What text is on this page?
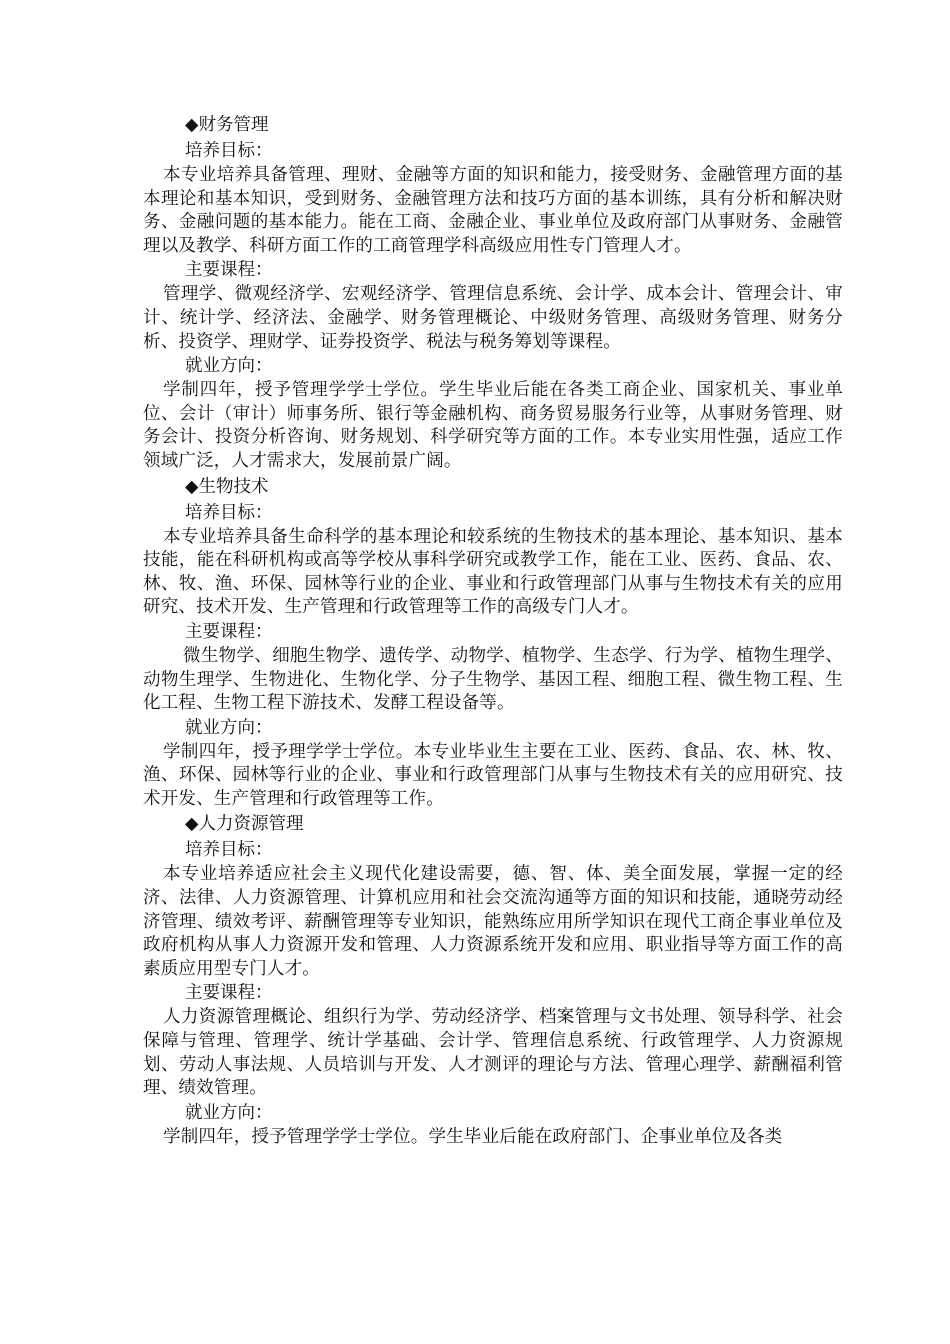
◆财务管理
培养目标：

本专业培养具备管理、理财、金融等方面的知识和能力，接受财务、金融管理方面的基本理论和基本知识，受到财务、金融管理方法和技巧方面的基本训练，具有分析和解决财务、金融问题的基本能力。能在工商、金融企业、事业单位及政府部门从事财务、金融管理以及教学、科研方面工作的工商管理学科高级应用性专门管理人才。

主要课程：

管理学、微观经济学、宏观经济学、管理信息系统、会计学、成本会计、管理会计、审计、统计学、经济法、金融学、财务管理概论、中级财务管理、高级财务管理、财务分析、投资学、理财学、证券投资学、税法与税务筹划等课程。

就业方向：

学制四年，授予管理学学士学位。学生毕业后能在各类工商企业、国家机关、事业单位、会计（审计）师事务所、银行等金融机构、商务贸易服务行业等，从事财务管理、财务会计、投资分析咨询、财务规划、科学研究等方面的工作。本专业实用性强，适应工作领域广泛，人才需求大，发展前景广阔。

◆生物技术
培养目标：

本专业培养具备生命科学的基本理论和较系统的生物技术的基本理论、基本知识、基本技能，能在科研机构或高等学校从事科学研究或教学工作，能在工业、医药、食品、农、林、牧、渔、环保、园林等行业的企业、事业和行政管理部门从事与生物技术有关的应用研究、技术开发、生产管理和行政管理等工作的高级专门人才。

主要课程：

微生物学、细胞生物学、遗传学、动物学、植物学、生态学、行为学、植物生理学、动物生理学、生物进化、生物化学、分子生物学、基因工程、细胞工程、微生物工程、生化工程、生物工程下游技术、发酵工程设备等。

就业方向：

学制四年，授予理学学士学位。本专业毕业生主要在工业、医药、食品、农、林、牧、渔、环保、园林等行业的企业、事业和行政管理部门从事与生物技术有关的应用研究、技术开发、生产管理和行政管理等工作。

◆人力资源管理
培养目标：

本专业培养适应社会主义现代化建设需要，德、智、体、美全面发展，掌握一定的经济、法律、人力资源管理、计算机应用和社会交流沟通等方面的知识和技能，通晓劳动经济管理、绩效考评、薪酬管理等专业知识，能熟练应用所学知识在现代工商企事业单位及政府机构从事人力资源开发和管理、人力资源系统开发和应用、职业指导等方面工作的高素质应用型专门人才。

主要课程：

人力资源管理概论、组织行为学、劳动经济学、档案管理与文书处理、领导科学、社会保障与管理、管理学、统计学基础、会计学、管理信息系统、行政管理学、人力资源规划、劳动人事法规、人员培训与开发、人才测评的理论与方法、管理心理学、薪酬福利管理、绩效管理。

就业方向：

学制四年，授予管理学学士学位。学生毕业后能在政府部门、企事业单位及各类
